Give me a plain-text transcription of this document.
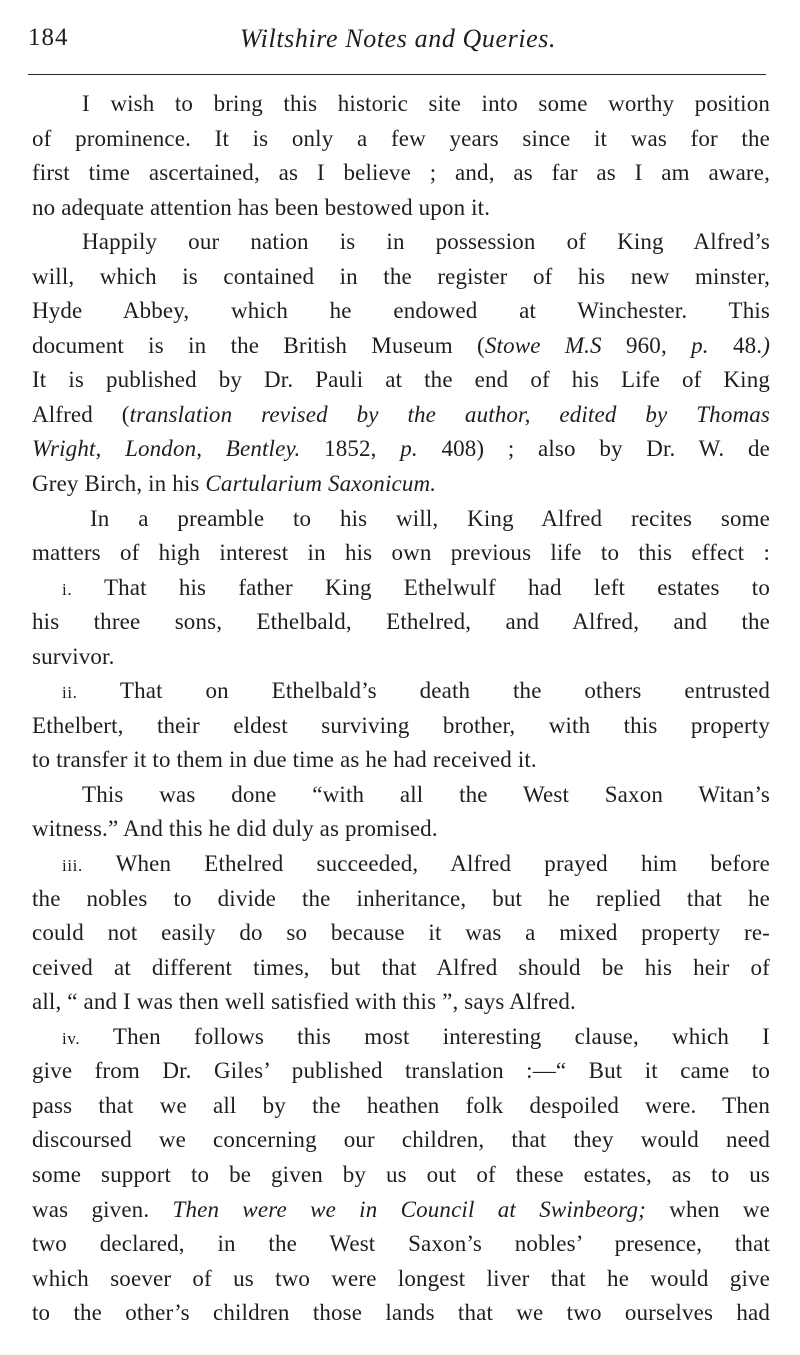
184	Wiltshire Notes and Queries.
I wish to bring this historic site into some worthy position
of prominence. It is only a few years since it was for the
first time ascertained, as I believe ; and, as far as I am aware,
no adequate attention has been bestowed upon it.
Happily our nation is in possession of King Alfred’s
will, which is contained in the register of his new minster,
Hyde Abbey, which he endowed at Winchester. This
document is in the British Museum (Stowe M.S 960, p. 48.)
It is published by Dr. Pauli at the end of his Life of King
Alfred (translation revised by the author, edited by Thomas
Wright, London, Bentley. 1852, p. 408) ; also by Dr. W. de
Grey Birch, in his Cartularium Saxonicum.
In a preamble to his will, King Alfred recites some
matters of high interest in his own previous life to this effect :
i. That his father King Ethelwulf had left estates to
his three sons, Ethelbald, Ethelred, and Alfred, and the
survivor.
ii. That on Ethelbald’s death the others entrusted
Ethelbert, their eldest surviving brother, with this property
to transfer it to them in due time as he had received it.
This was done “with all the West Saxon Witan’s
witness.” And this he did duly as promised.
iii. When Ethelred succeeded, Alfred prayed him before
the nobles to divide the inheritance, but he replied that he
could not easily do so because it was a mixed property re-
ceived at different times, but that Alfred should be his heir of
all, “ and I was then well satisfied with this ”, says Alfred.
iv. Then follows this most interesting clause, which I
give from Dr. Giles’ published translation :—“ But it came to
pass that we all by the heathen folk despoiled were. Then
discoursed we concerning our children, that they would need
some support to be given by us out of these estates, as to us
was given. Then were we in Council at Swinbeorg; when we
two declared, in the West Saxon’s nobles’ presence, that
which soever of us two were longest liver that he would give
to the other’s children those lands that we two ourselves had
